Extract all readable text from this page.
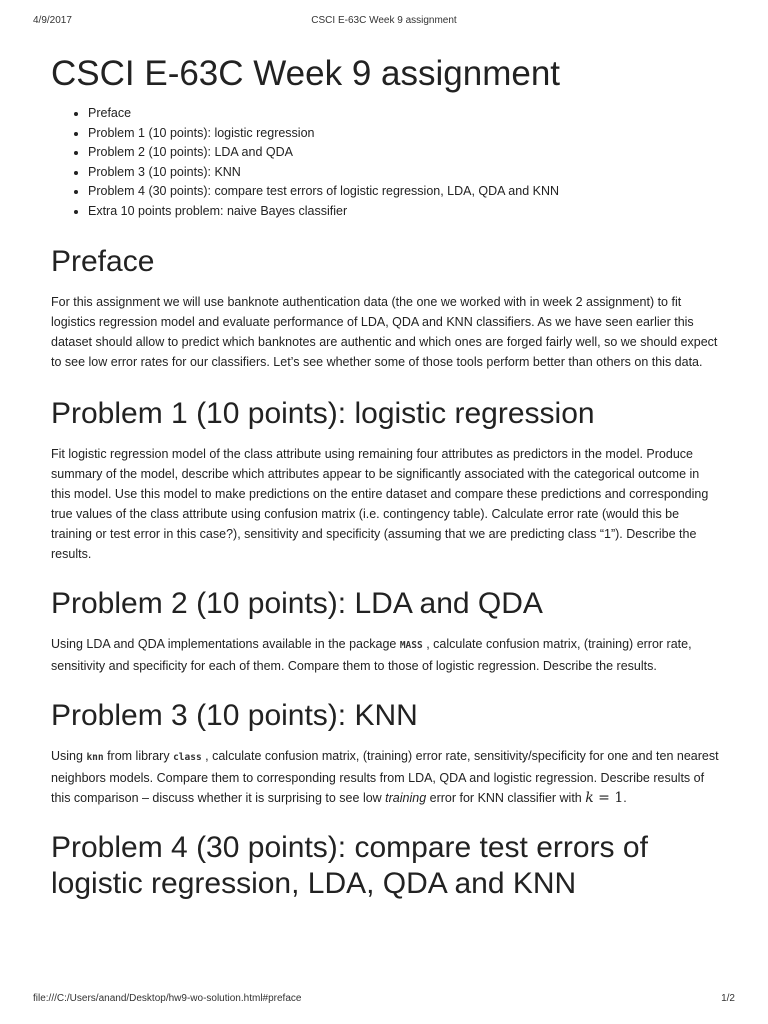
4/9/2017	CSCI E-63C Week 9 assignment
CSCI E-63C Week 9 assignment
Preface
Problem 1 (10 points): logistic regression
Problem 2 (10 points): LDA and QDA
Problem 3 (10 points): KNN
Problem 4 (30 points): compare test errors of logistic regression, LDA, QDA and KNN
Extra 10 points problem: naive Bayes classifier
Preface

For this assignment we will use banknote authentication data (the one we worked with in week 2 assignment) to fit logistics regression model and evaluate performance of LDA, QDA and KNN classifiers. As we have seen earlier this dataset should allow to predict which banknotes are authentic and which ones are forged fairly well, so we should expect to see low error rates for our classifiers. Let’s see whether some of those tools perform better than others on this data.

Problem 1 (10 points): logistic regression

Fit logistic regression model of the class attribute using remaining four attributes as predictors in the model. Produce summary of the model, describe which attributes appear to be significantly associated with the categorical outcome in this model. Use this model to make predictions on the entire dataset and compare these predictions and corresponding true values of the class attribute using confusion matrix (i.e. contingency table). Calculate error rate (would this be training or test error in this case?), sensitivity and specificity (assuming that we are predicting class “1”). Describe the results.

Problem 2 (10 points): LDA and QDA

Using LDA and QDA implementations available in the package MASS , calculate confusion matrix, (training) error rate, sensitivity and specificity for each of them. Compare them to those of logistic regression. Describe the results.

Problem 3 (10 points): KNN

Using knn from library class , calculate confusion matrix, (training) error rate, sensitivity/specificity for one and ten nearest neighbors models. Compare them to corresponding results from LDA, QDA and logistic regression. Describe results of this comparison – discuss whether it is surprising to see low training error for KNN classifier with k = 1.

Problem 4 (30 points): compare test errors of logistic regression, LDA, QDA and KNN
file:///C:/Users/anand/Desktop/hw9-wo-solution.html#preface	1/2
